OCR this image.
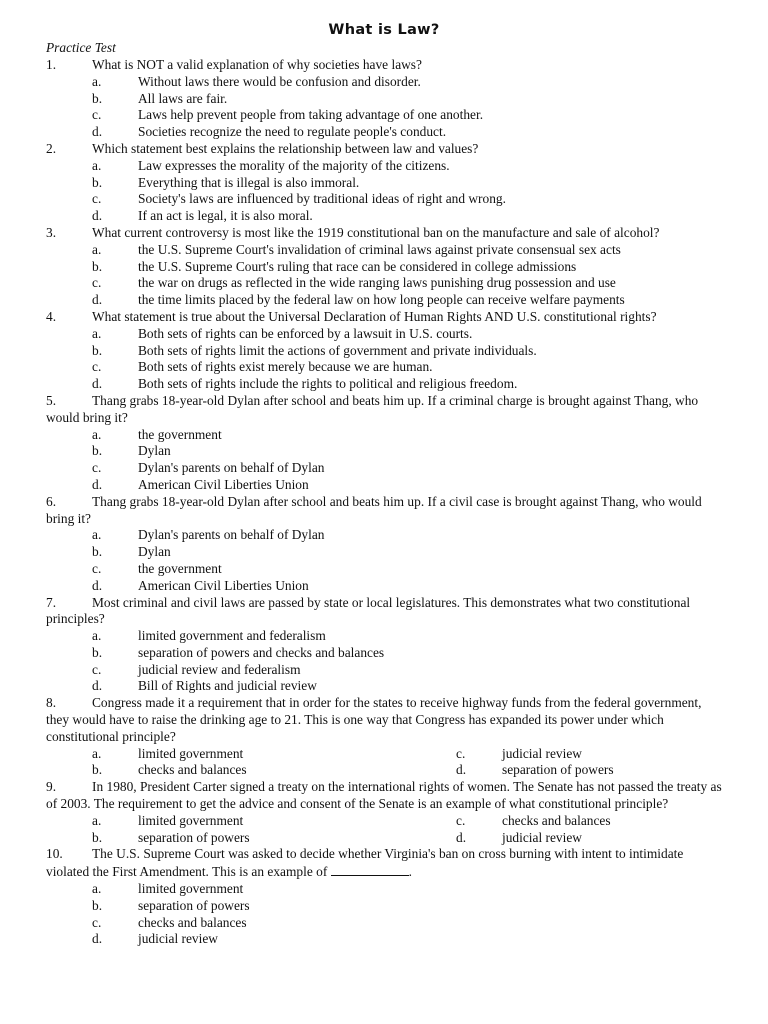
What is Law?
Practice Test
1.	What is NOT a valid explanation of why societies have laws?
a.	Without laws there would be confusion and disorder.
b.	All laws are fair.
c.	Laws help prevent people from taking advantage of one another.
d.	Societies recognize the need to regulate people's conduct.
2.	Which statement best explains the relationship between law and values?
a.	Law expresses the morality of the majority of the citizens.
b.	Everything that is illegal is also immoral.
c.	Society's laws are influenced by traditional ideas of right and wrong.
d.	If an act is legal, it is also moral.
3.	What current controversy is most like the 1919 constitutional ban on the manufacture and sale of alcohol?
a.	the U.S. Supreme Court's invalidation of criminal laws against private consensual sex acts
b.	the U.S. Supreme Court's ruling that race can be considered in college admissions
c.	the war on drugs as reflected in the wide ranging laws punishing drug possession and use
d.	the time limits placed by the federal law on how long people can receive welfare payments
4.	What statement is true about the Universal Declaration of Human Rights AND U.S. constitutional rights?
a.	Both sets of rights can be enforced by a lawsuit in U.S. courts.
b.	Both sets of rights limit the actions of government and private individuals.
c.	Both sets of rights exist merely because we are human.
d.	Both sets of rights include the rights to political and religious freedom.
5.	Thang grabs 18-year-old Dylan after school and beats him up. If a criminal charge is brought against Thang, who would bring it?
a.	the government
b.	Dylan
c.	Dylan's parents on behalf of Dylan
d.	American Civil Liberties Union
6.	Thang grabs 18-year-old Dylan after school and beats him up. If a civil case is brought against Thang, who would bring it?
a.	Dylan's parents on behalf of Dylan
b.	Dylan
c.	the government
d.	American Civil Liberties Union
7.	Most criminal and civil laws are passed by state or local legislatures. This demonstrates what two constitutional principles?
a.	limited government and federalism
b.	separation of powers and checks and balances
c.	judicial review and federalism
d.	Bill of Rights and judicial review
8.	Congress made it a requirement that in order for the states to receive highway funds from the federal government, they would have to raise the drinking age to 21. This is one way that Congress has expanded its power under which constitutional principle?
a.	limited government	c.	judicial review
b.	checks and balances	d.	separation of powers
9.	In 1980, President Carter signed a treaty on the international rights of women. The Senate has not passed the treaty as of 2003. The requirement to get the advice and consent of the Senate is an example of what constitutional principle?
a.	limited government	c.	checks and balances
b.	separation of powers	d.	judicial review
10. The U.S. Supreme Court was asked to decide whether Virginia's ban on cross burning with intent to intimidate violated the First Amendment. This is an example of	.
a.	limited government
b.	separation of powers
c.	checks and balances
d.	judicial review
